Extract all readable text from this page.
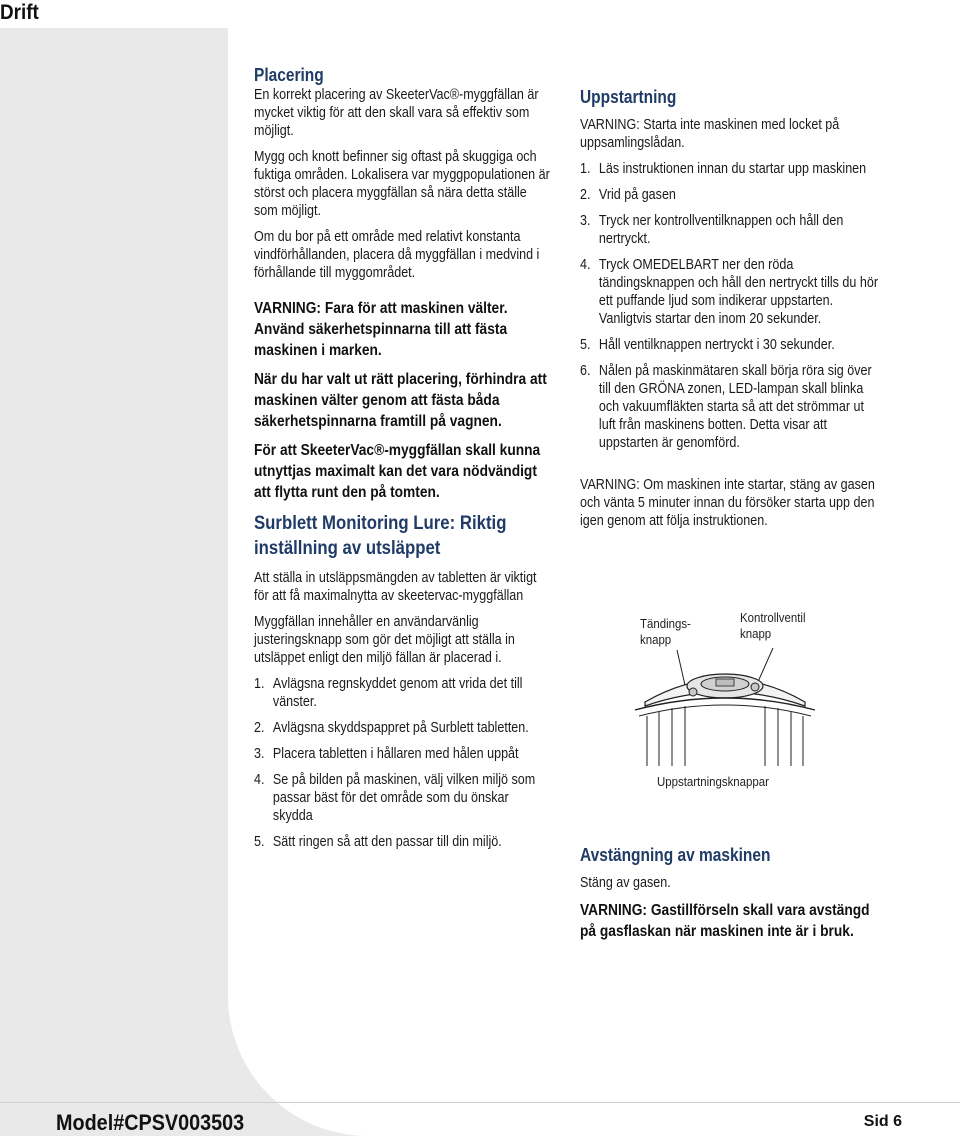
Drift
Placering

En korrekt placering av SkeeterVac®-myggfällan är mycket viktig för att den skall vara så effektiv som möjligt.

Mygg och knott befinner sig oftast på skuggiga och fuktiga områden. Lokalisera var myggpopulationen är störst och placera myggfällan så nära detta ställe som möjligt.

Om du bor på ett område med relativt konstanta vindförhållanden, placera då myggfällan i medvind i förhållande till myggområdet.

VARNING: Fara för att maskinen välter. Använd säkerhetspinnarna till att fästa maskinen i marken.

När du har valt ut rätt placering, förhindra att maskinen välter genom att fästa båda säkerhetspinnarna framtill på vagnen.

För att SkeeterVac®-myggfällan skall kunna utnyttjas maximalt kan det vara nödvändigt att flytta runt den på tomten.

Surblett Monitoring Lure: Riktig inställning av utsläppet

Att ställa in utsläppsmängden av tabletten är viktigt för att få maximalnytta av skeetervac-myggfällan

Myggfällan innehåller en användarvänlig justeringsknapp som gör det möjligt att ställa in utsläppet enligt den miljö fällan är placerad i.

1. Avlägsna regnskyddet genom att vrida det till vänster.
2. Avlägsna skyddspappret på Surblett tabletten.
3. Placera tabletten i hållaren med hålen uppåt
4. Se på bilden på maskinen, välj vilken miljö som passar bäst för det område som du önskar skydda
5. Sätt ringen så att den passar till din miljö.
Uppstartning

VARNING: Starta inte maskinen med locket på uppsamlingslådan.

1. Läs instruktionen innan du startar upp maskinen
2. Vrid på gasen
3. Tryck ner kontrollventilknappen och håll den nertryckt.
4. Tryck OMEDELBART ner den röda tändingsknappen och håll den nertryckt tills du hör ett puffande ljud som indikerar uppstarten. Vanligtvis startar den inom 20 sekunder.
5. Håll ventilknappen nertryckt i 30 sekunder.
6. Nålen på maskinmätaren skall börja röra sig över till den GRÖNA zonen, LED-lampan skall blinka och vakuumfläkten starta så att det strömmar ut luft från maskinens botten. Detta visar att uppstarten är genomförd.

VARNING: Om maskinen inte startar, stäng av gasen och vänta 5 minuter innan du försöker starta upp den igen genom att följa instruktionen.

Tändings-
knapp
Kontrollventil
knapp
Uppstartningsknappar
Avstängning av maskinen

Stäng av gasen.

VARNING: Gastillförseln skall vara avstängd på gasflaskan när maskinen inte är i bruk.

Model#CPSV003503	Sid 6
